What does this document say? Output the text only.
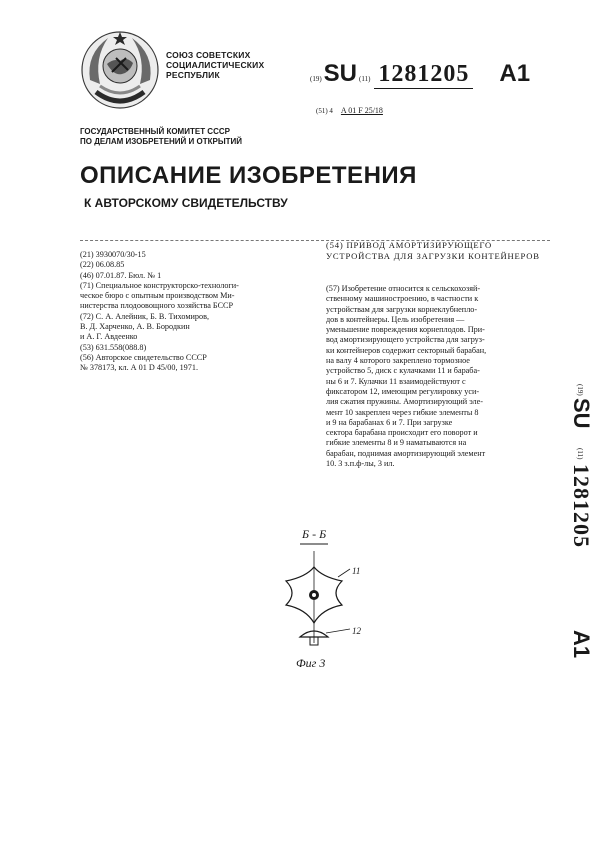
СОЮЗ СОВЕТСКИХ
СОЦИАЛИСТИЧЕСКИХ
РЕСПУБЛИК	(19) SU (11) 1281205 A1
(51) 4 A 01 F 25/18
ГОСУДАРСТВЕННЫЙ КОМИТЕТ СССР
ПО ДЕЛАМ ИЗОБРЕТЕНИЙ И ОТКРЫТИЙ
ОПИСАНИЕ ИЗОБРЕТЕНИЯ
К АВТОРСКОМУ СВИДЕТЕЛЬСТВУ
(21) 3930070/30-15
(22) 06.08.85
(46) 07.01.87. Бюл. № 1
(71) Специальное конструкторско-технологи-
ческое бюро с опытным производством Ми-
нистерства плодоовощного хозяйства БССР
(72) С. А. Алейник, Б. В. Тихомиров,
В. Д. Харченко, А. В. Бородкин
и А. Г. Авдеенко
(53) 631.558(088.8)
(56) Авторское свидетельство СССР
№ 378173, кл. А 01 D 45/00, 1971.
(54) ПРИВОД АМОРТИЗИРУЮЩЕГО УСТРОЙСТВА ДЛЯ ЗАГРУЗКИ КОНТЕЙНЕРОВ
(57) Изобретение относится к сельскохозяй-
ственному машиностроению, в частности к
устройствам для загрузки корнеклубнепло-
дов в контейнеры. Цель изобретения —
уменьшение повреждения корнеплодов. При-
вод амортизирующего устройства для загруз-
ки контейнеров содержит секторный барабан,
на валу 4 которого закреплено тормозное
устройство 5, диск с кулачками 11 и бараба-
ны 6 и 7. Кулачки 11 взаимодействуют с
фиксатором 12, имеющим регулировку уси-
лия сжатия пружины. Амортизирующий эле-
мент 10 закреплен через гибкие элементы 8
и 9 на барабанах 6 и 7. При загрузке
сектора барабана происходит его поворот и
гибкие элементы 8 и 9 наматываются на
барабан, поднимая амортизирующий элемент
10. 3 з.п.ф-лы, 3 ил.
(19)
SU
(11)
1281205
A1
Б - Б
11
12
Фиг 3
